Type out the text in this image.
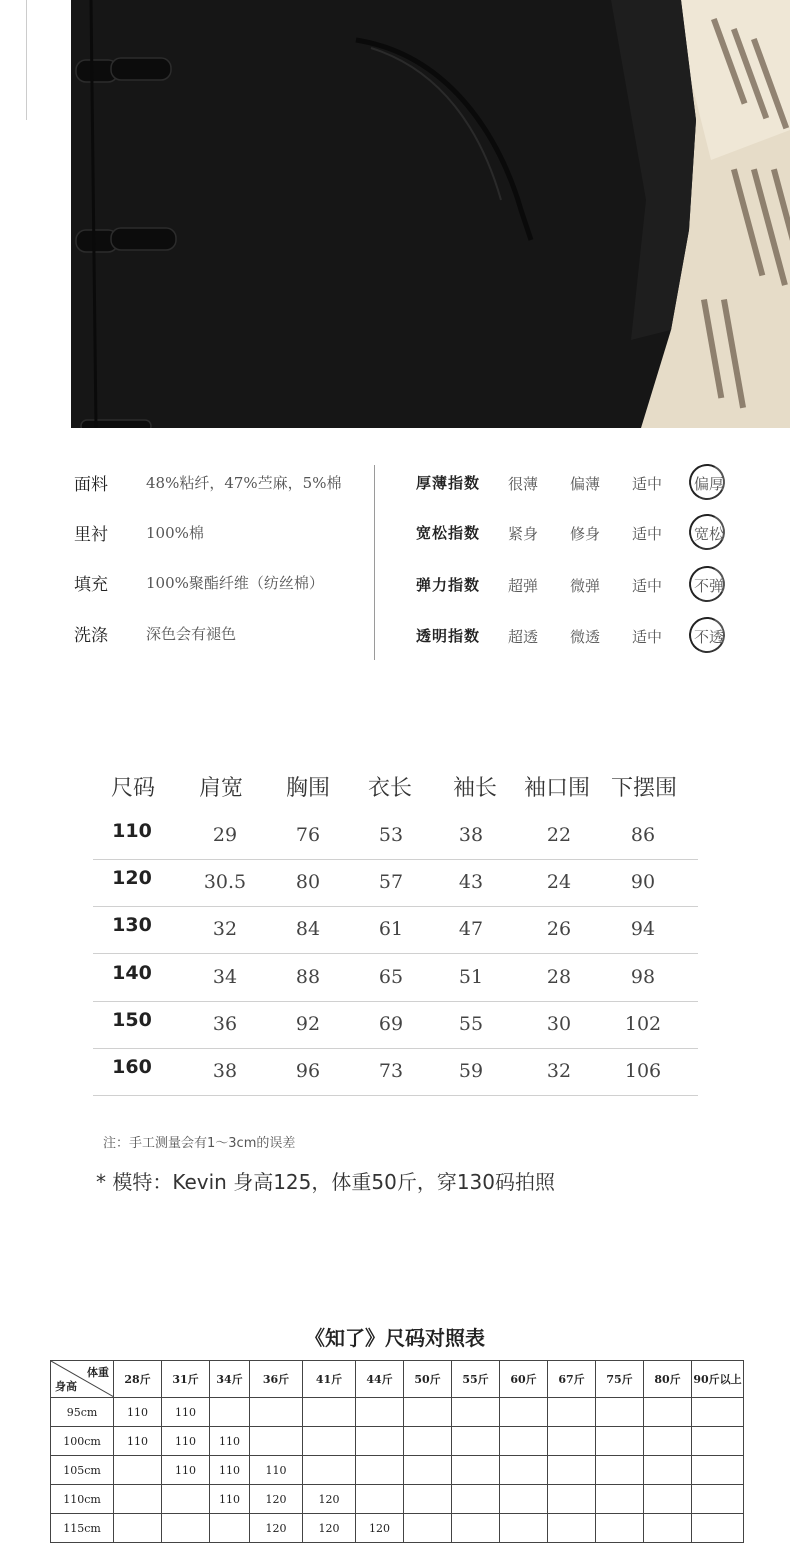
面料	48%粘纤，47%苎麻，5%棉
里衬	100%棉
填充	100%聚酯纤维（纺丝棉）
洗涤	深色会有褪色
厚薄指数 很薄 偏薄 适中 偏厚
宽松指数 紧身 修身 适中 宽松
弹力指数 超弹 微弹 适中 不弹
透明指数 超透 微透 适中 不透
尺码 肩宽 胸围 衣长 袖长 袖口围 下摆围
110	29	76	53	38	22	86
120	30.5	80	57	43	24	90
130	32	84	61	47	26	94
140	34	88	65	51	28	98
150	36	92	69	55	30	102
160	38	96	73	59	32	106
注：手工测量会有1～3cm的误差
* 模特：Kevin 身高125，体重50斤，穿130码拍照
《知了》尺码对照表
体重
身高	28斤	31斤	34斤	36斤	41斤	44斤	50斤	55斤	60斤	67斤	75斤	80斤	90斤以上
95cm	110	110											
100cm	110	110	110										
105cm		110	110	110									
110cm			110	120	120								
115cm				120	120	120							
